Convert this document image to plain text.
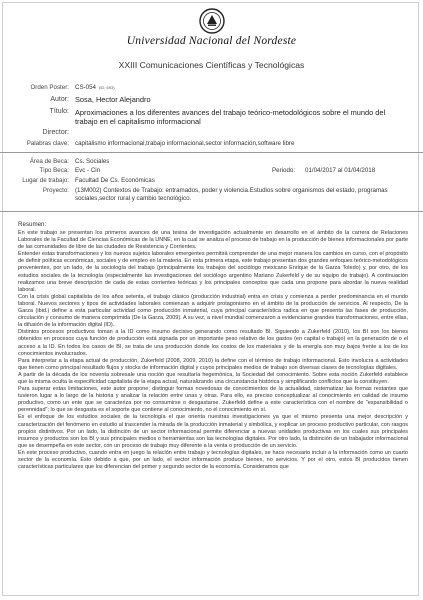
Universidad Nacional del Nordeste
XXIII Comunicaciones Científicas y Tecnológicas
Orden Poster: CS-054 (ID: 693)
Autor: Sosa, Hector Alejandro
Título: Aproximaciones a los diferentes avances del trabajo teórico-metodológicos sobre el mundo del trabajo en el capitalismo informacional
Director:
Palabras clave: capitalismo informacional,trabajo informacional,sector información,software libre
Área de Beca: Cs. Sociales
Tipo Beca: Evc - Cin	Periodo: 01/04/2017 al 01/04/2018
Lugar de trabajo: Facultad De Cs. Económicas
Proyecto: (13M002) Contextos de Trabajo: entramados, poder y violencia.Estudios sobre organismos del estado, programas sociales,sector rural y cambio tecnológico.
Resumen:

En este trabajo se presentan los primeros avances de una tesina de investigación actualmente en desarrollo en el ámbito de la carrera de Relaciones Laborales de la Facultad de Ciencias Económicas de la UNNE, en la cual se analiza el proceso de trabajo en la producción de bienes informacionales por parte de las comunidades de libre de las ciudades de Resistencia y Corrientes.

Entender estas transformaciones y los nuevos sujetos laborales emergentes permitirá comprender de una mejor manera los cambios en curso, con el propósito de definir políticas económicas, sociales y de empleo en la materia. En esta primera etapa, este trabajo presentan dos grandes enfoques teórico-metodológicos provenientes, por un lado, de la sociología del trabajo (principalmente los trabajos del sociólogo mexicano Enrique de la Garza Toledo) y, por otro, de los estudios sociales de la tecnología (especialmente las investigaciones del sociólogo argentino Mariano Zukerfeld y de su equipo de trabajo). A continuación realizamos una breve descripción de cada de estas corrientes teóricas y los principales conceptos que cada una propone para abordar la nueva realidad laboral.

Con la crisis global capitalista de los años setenta, el trabajo clásico (producción industrial) entra en crisis y comienza a perder predominancia en el mundo laboral. Nuevos sectores y tipos de actividades laborales comienzan a adquirir protagonismo en el ámbito de la producción de servicios. Al respecto, De la Garza (ibid.) define a esta particular actividad como producción inmaterial, cuya principal característica radica en que presenta las fases de producción, circulación y consumo de manera comprimida (De la Garza, 2009). A su vez, a nivel mundial comenzaron a evidenciarse grandes transformaciones, entre ellas, la difusión de la información digital (ID).

Distintos procesos productivos toman a la ID como insumo decisivo generando como resultado BI. Siguiendo a Zukerfeld (2010), los BI son los bienes obtenidos en procesos cuya función de producción está signada por un importante peso relativo de los gastos (en capital o trabajo) en la generación de o el acceso a la ID. En todos los casos de BI, se trata de una producción donde los costos de los materiales y de la energía son muy bajos frente a los de los conocimientos involucrados.

Para interpretar a la etapa actual de producción, Zukerfeld (2008, 2009, 2010) la define con el término de trabajo informacional. Esto involucra a actividades que tienen como principal resultado flujos y stocks de información digital y cuyos principales medios de trabajo son diversas clases de tecnologías digitales.

A partir de la década de los noventa sobresale una noción que resultaría hegemónica, la Sociedad del conocimiento. Sobre esta noción Zukerfeld establece que la misma oculta la especificidad capitalista de la etapa actual, naturalizando una circunstancia histórica y simplificando conflictos que la constituyen.

Para superar estas limitaciones, este autor propone; distinguir formas novedosas de conocimientos de la actualidad, sistematizar las formas restantes que tuvieron lugar a lo largo de la historia y analizar la relación entre unas y otras. Para ello, es preciso conceptualizar al conocimiento en calidad de insumo productivo, como un ente que se caracteriza por no consumirse o desgastarse. Zukerfeld define a este característica con el nombre de "expansibilidad o perennidad"; lo que se desgasta es el soporte que contiene al conocimiento, no el conocimiento en sí.

Es el enfoque de los estudios sociales de la tecnología el que orienta nuestras investigaciones ya que el mismo presenta una mejor descripción y caracterización del fenómeno en estudio al trascender la mirada de la producción inmaterial y simbólica, y explicar un proceso productivo particular, con rasgos propios distintivos. Por un lado, la distinción de un sector informacional permite diferenciar a nuevas unidades productivas en los cuales sus principales insumos y productos son los BI y sus principales medios o herramientas son las tecnologías digitales. Por otro lado, la distinción de un trabajador informacional que se desempeña en este sector, con un proceso de trabajo muy diferente a la venta o producción de un servicio.

En este proceso productivo, cuando entra en juego la relación entre trabajo y tecnologías digitales, se hace necesario incluir a la información como un cuarto sector de la economía. Esto debido a que, por un lado, el sector información produce bienes, no servicios. Y por el otro, estos BI producidos tienen características particulares que los diferencian del primer y segundo sector de la economía. Consideramos que
